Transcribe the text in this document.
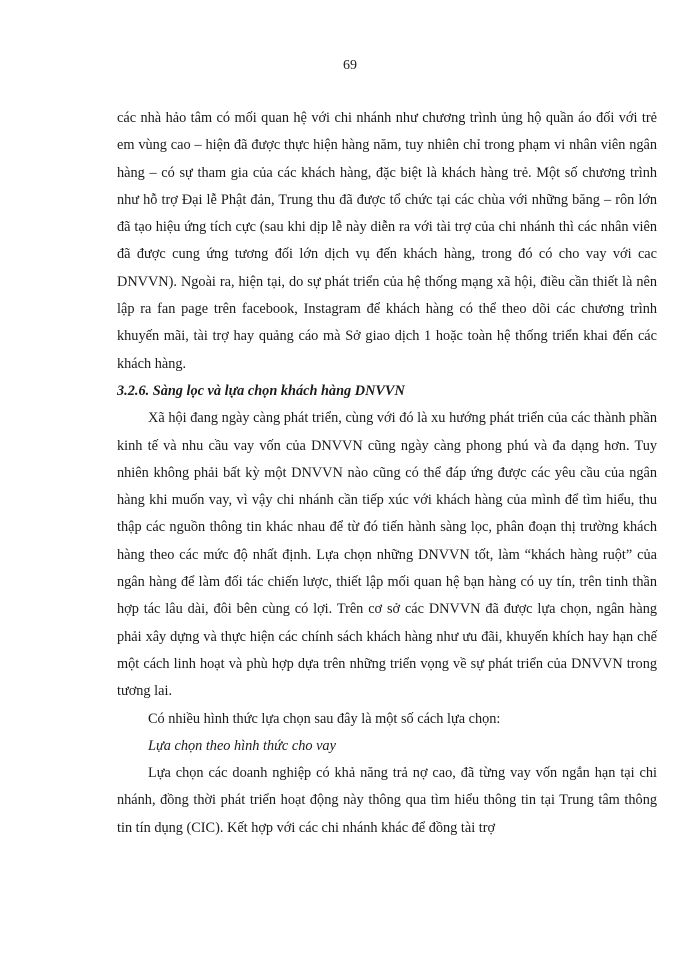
69

các nhà hảo tâm có mối quan hệ với chi nhánh như chương trình ủng hộ quần áo đối với trẻ em vùng cao – hiện đã được thực hiện hàng năm, tuy nhiên chỉ trong phạm vi nhân viên ngân hàng – có sự tham gia của các khách hàng, đặc biệt là khách hàng trẻ. Một số chương trình như hỗ trợ Đại lễ Phật đản, Trung thu đã được tổ chức tại các chùa với những băng – rôn lớn đã tạo hiệu ứng tích cực (sau khi dịp lễ này diễn ra với tài trợ của chi nhánh thì các nhân viên đã được cung ứng tương đối lớn dịch vụ đến khách hàng, trong đó có cho vay với cac DNVVN). Ngoài ra, hiện tại, do sự phát triển của hệ thống mạng xã hội, điều cần thiết là nên lập ra fan page trên facebook, Instagram để khách hàng có thể theo dõi các chương trình khuyến mãi, tài trợ hay quảng cáo mà Sở giao dịch 1 hoặc toàn hệ thống triển khai đến các khách hàng.

3.2.6. Sàng lọc và lựa chọn khách hàng DNVVN

Xã hội đang ngày càng phát triển, cùng với đó là xu hướng phát triển của các thành phần kinh tế và nhu cầu vay vốn của DNVVN cũng ngày càng phong phú và đa dạng hơn. Tuy nhiên không phải bất kỳ một DNVVN nào cũng có thể đáp ứng được các yêu cầu của ngân hàng khi muốn vay, vì vậy chi nhánh cần tiếp xúc với khách hàng của mình để tìm hiểu, thu thập các nguồn thông tin khác nhau để từ đó tiến hành sàng lọc, phân đoạn thị trường khách hàng theo các mức độ nhất định. Lựa chọn những DNVVN tốt, làm “khách hàng ruột” của ngân hàng để làm đối tác chiến lược, thiết lập mối quan hệ bạn hàng có uy tín, trên tinh thần hợp tác lâu dài, đôi bên cùng có lợi. Trên cơ sở các DNVVN đã được lựa chọn, ngân hàng phải xây dựng và thực hiện các chính sách khách hàng như ưu đãi, khuyến khích hay hạn chế một cách linh hoạt và phù hợp dựa trên những triển vọng về sự phát triển của DNVVN trong tương lai.

Có nhiều hình thức lựa chọn sau đây là một số cách lựa chọn:

Lựa chọn theo hình thức cho vay

Lựa chọn các doanh nghiệp có khả năng trả nợ cao, đã từng vay vốn ngắn hạn tại chi nhánh, đồng thời phát triển hoạt động này thông qua tìm hiểu thông tin tại Trung tâm thông tin tín dụng (CIC). Kết hợp với các chi nhánh khác để đồng tài trợ
